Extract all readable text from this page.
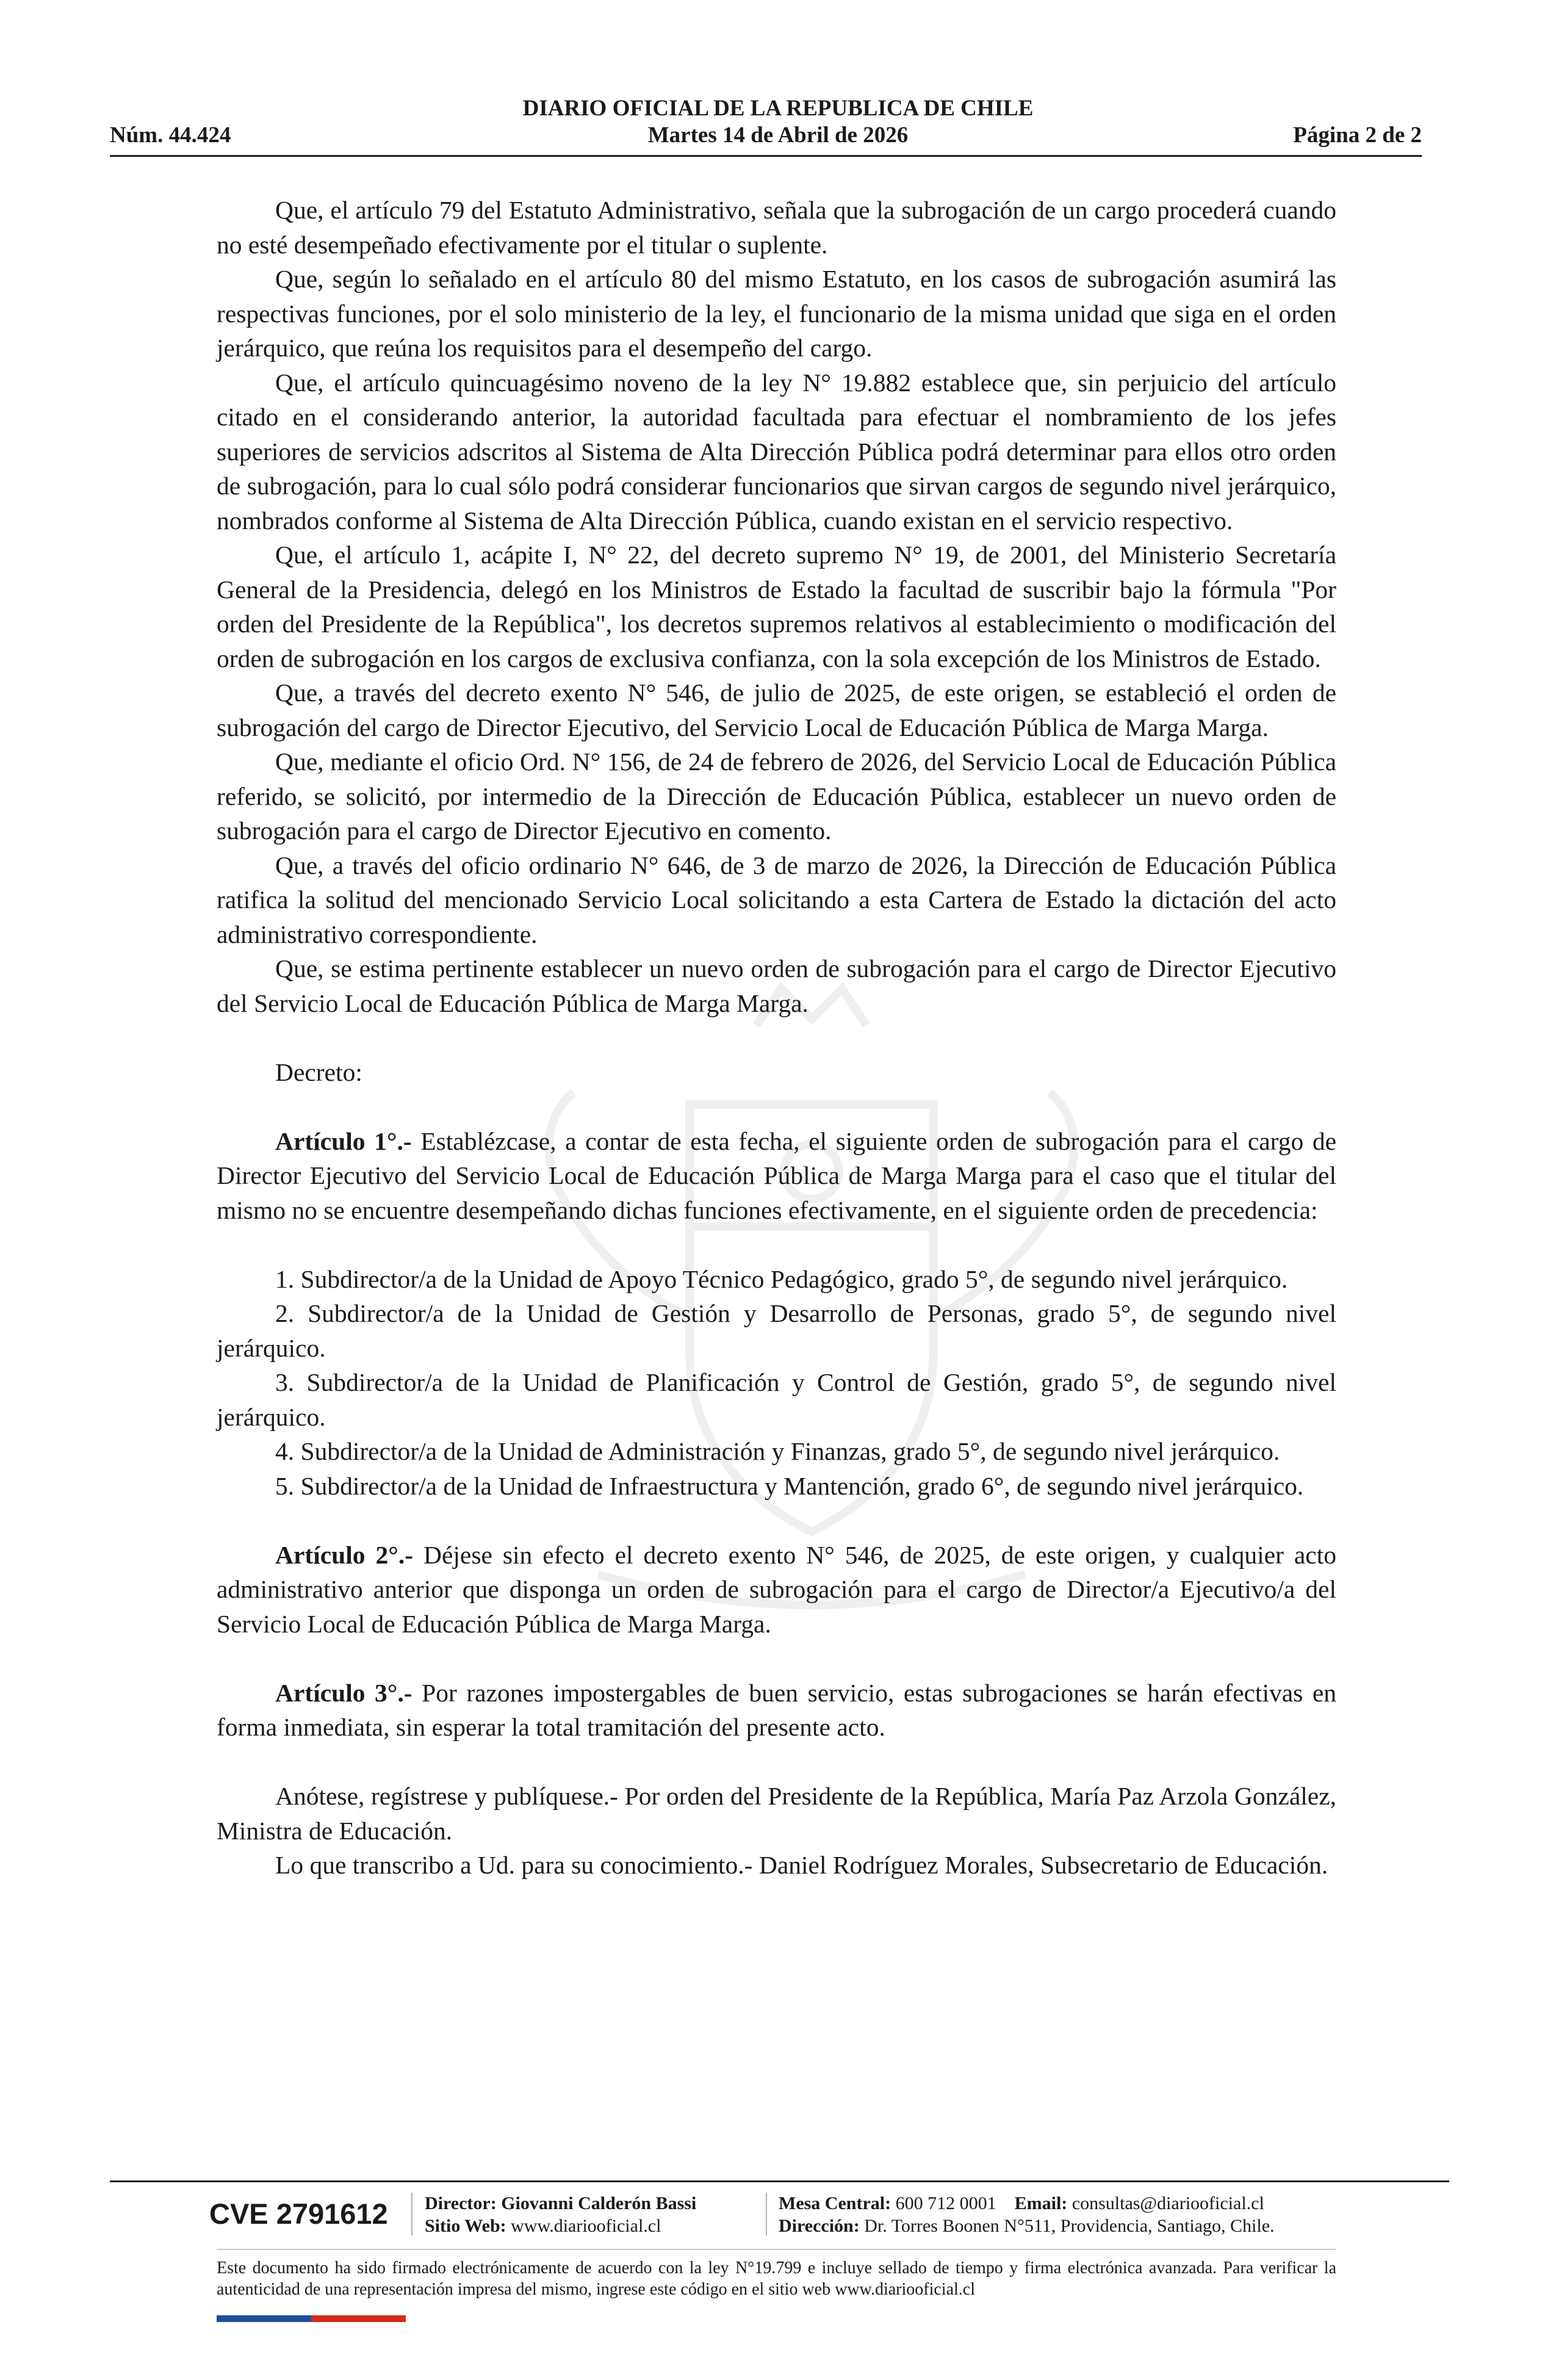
DIARIO OFICIAL DE LA REPUBLICA DE CHILE
Núm. 44.424	Martes 14 de Abril de 2026	Página 2 de 2

Que, el artículo 79 del Estatuto Administrativo, señala que la subrogación de un cargo procederá cuando no esté desempeñado efectivamente por el titular o suplente.

Que, según lo señalado en el artículo 80 del mismo Estatuto, en los casos de subrogación asumirá las respectivas funciones, por el solo ministerio de la ley, el funcionario de la misma unidad que siga en el orden jerárquico, que reúna los requisitos para el desempeño del cargo.

Que, el artículo quincuagésimo noveno de la ley N° 19.882 establece que, sin perjuicio del artículo citado en el considerando anterior, la autoridad facultada para efectuar el nombramiento de los jefes superiores de servicios adscritos al Sistema de Alta Dirección Pública podrá determinar para ellos otro orden de subrogación, para lo cual sólo podrá considerar funcionarios que sirvan cargos de segundo nivel jerárquico, nombrados conforme al Sistema de Alta Dirección Pública, cuando existan en el servicio respectivo.

Que, el artículo 1, acápite I, N° 22, del decreto supremo N° 19, de 2001, del Ministerio Secretaría General de la Presidencia, delegó en los Ministros de Estado la facultad de suscribir bajo la fórmula "Por orden del Presidente de la República", los decretos supremos relativos al establecimiento o modificación del orden de subrogación en los cargos de exclusiva confianza, con la sola excepción de los Ministros de Estado.

Que, a través del decreto exento N° 546, de julio de 2025, de este origen, se estableció el orden de subrogación del cargo de Director Ejecutivo, del Servicio Local de Educación Pública de Marga Marga.

Que, mediante el oficio Ord. N° 156, de 24 de febrero de 2026, del Servicio Local de Educación Pública referido, se solicitó, por intermedio de la Dirección de Educación Pública, establecer un nuevo orden de subrogación para el cargo de Director Ejecutivo en comento.

Que, a través del oficio ordinario N° 646, de 3 de marzo de 2026, la Dirección de Educación Pública ratifica la solitud del mencionado Servicio Local solicitando a esta Cartera de Estado la dictación del acto administrativo correspondiente.

Que, se estima pertinente establecer un nuevo orden de subrogación para el cargo de Director Ejecutivo del Servicio Local de Educación Pública de Marga Marga.

Decreto:

Artículo 1°.- Establézcase, a contar de esta fecha, el siguiente orden de subrogación para el cargo de Director Ejecutivo del Servicio Local de Educación Pública de Marga Marga para el caso que el titular del mismo no se encuentre desempeñando dichas funciones efectivamente, en el siguiente orden de precedencia:

1. Subdirector/a de la Unidad de Apoyo Técnico Pedagógico, grado 5°, de segundo nivel jerárquico.

2. Subdirector/a de la Unidad de Gestión y Desarrollo de Personas, grado 5°, de segundo nivel jerárquico.

3. Subdirector/a de la Unidad de Planificación y Control de Gestión, grado 5°, de segundo nivel jerárquico.

4. Subdirector/a de la Unidad de Administración y Finanzas, grado 5°, de segundo nivel jerárquico.

5. Subdirector/a de la Unidad de Infraestructura y Mantención, grado 6°, de segundo nivel jerárquico.

Artículo 2°.- Déjese sin efecto el decreto exento N° 546, de 2025, de este origen, y cualquier acto administrativo anterior que disponga un orden de subrogación para el cargo de Director/a Ejecutivo/a del Servicio Local de Educación Pública de Marga Marga.

Artículo 3°.- Por razones impostergables de buen servicio, estas subrogaciones se harán efectivas en forma inmediata, sin esperar la total tramitación del presente acto.

Anótese, regístrese y publíquese.- Por orden del Presidente de la República, María Paz Arzola González, Ministra de Educación.

Lo que transcribo a Ud. para su conocimiento.- Daniel Rodríguez Morales, Subsecretario de Educación.

CVE 2791612	Director: Giovanni Calderón Bassi
Sitio Web: www.diariooficial.cl
Mesa Central: 600 712 0001 Email: consultas@diariooficial.cl
Dirección: Dr. Torres Boonen N°511, Providencia, Santiago, Chile.
Este documento ha sido firmado electrónicamente de acuerdo con la ley N°19.799 e incluye sellado de tiempo y firma electrónica avanzada. Para verificar la autenticidad de una representación impresa del mismo, ingrese este código en el sitio web www.diariooficial.cl
